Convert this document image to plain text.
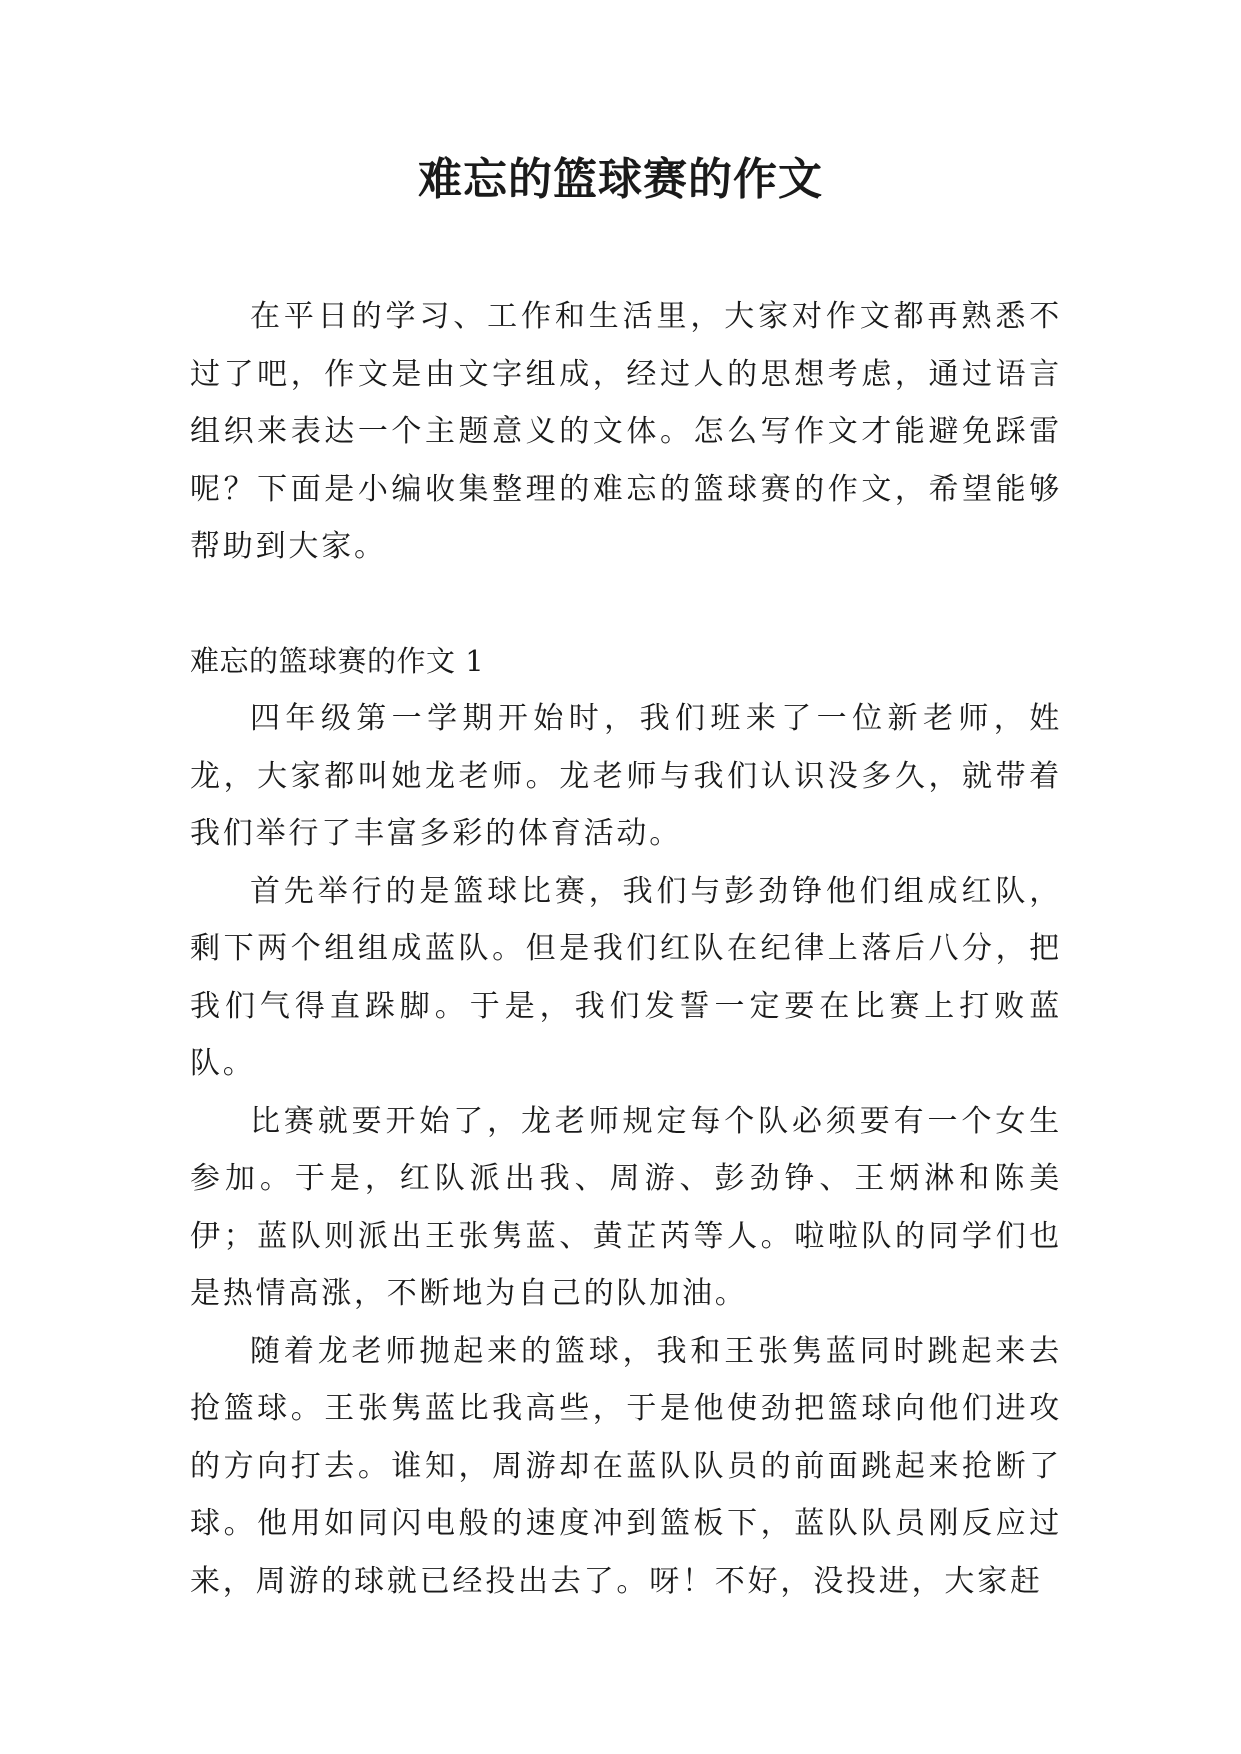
难忘的篮球赛的作文

在平日的学习、工作和生活里，大家对作文都再熟悉不过了吧，作文是由文字组成，经过人的思想考虑，通过语言组织来表达一个主题意义的文体。怎么写作文才能避免踩雷呢？下面是小编收集整理的难忘的篮球赛的作文，希望能够帮助到大家。

难忘的篮球赛的作文 1

四年级第一学期开始时，我们班来了一位新老师，姓龙，大家都叫她龙老师。龙老师与我们认识没多久，就带着我们举行了丰富多彩的体育活动。

首先举行的是篮球比赛，我们与彭劲铮他们组成红队，剩下两个组组成蓝队。但是我们红队在纪律上落后八分，把我们气得直跺脚。于是，我们发誓一定要在比赛上打败蓝队。

比赛就要开始了，龙老师规定每个队必须要有一个女生参加。于是，红队派出我、周游、彭劲铮、王炳淋和陈美伊；蓝队则派出王张隽蓝、黄芷芮等人。啦啦队的同学们也是热情高涨，不断地为自己的队加油。

随着龙老师抛起来的篮球，我和王张隽蓝同时跳起来去抢篮球。王张隽蓝比我高些，于是他使劲把篮球向他们进攻的方向打去。谁知，周游却在蓝队队员的前面跳起来抢断了球。他用如同闪电般的速度冲到篮板下，蓝队队员刚反应过来，周游的球就已经投出去了。呀！不好，没投进，大家赶
